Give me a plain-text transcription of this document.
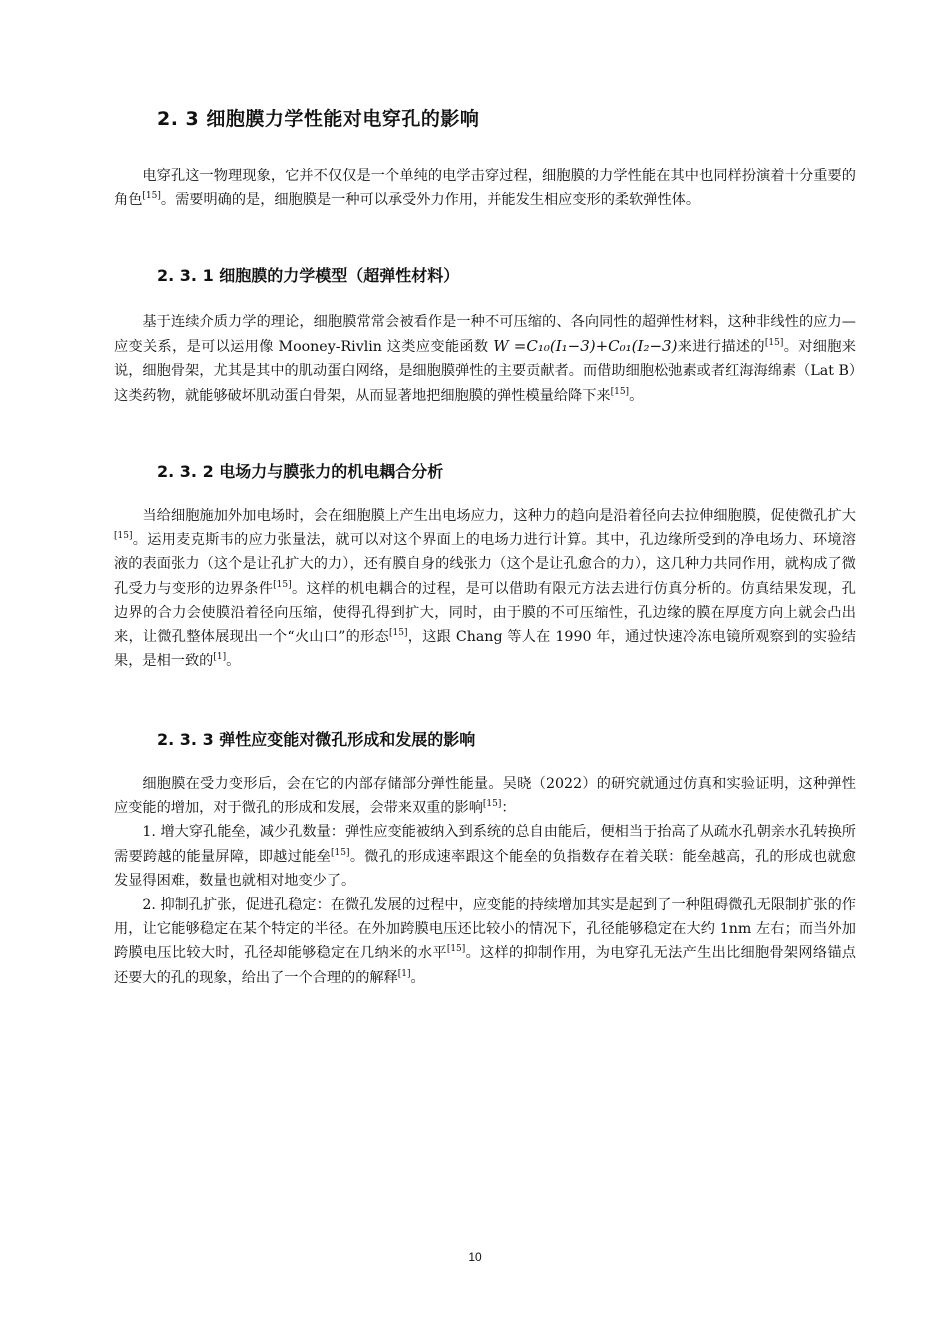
2. 3 细胞膜力学性能对电穿孔的影响

电穿孔这一物理现象，它并不仅仅是一个单纯的电学击穿过程，细胞膜的力学性能在其中也同样扮演着十分重要的角色[15]。需要明确的是，细胞膜是一种可以承受外力作用，并能发生相应变形的柔软弹性体。

2. 3. 1 细胞膜的力学模型（超弹性材料）

基于连续介质力学的理论，细胞膜常常会被看作是一种不可压缩的、各向同性的超弹性材料，这种非线性的应力—应变关系，是可以运用像 Mooney-Rivlin 这类应变能函数 W =C₁₀(I₁−3)+C₀₁(I₂−3)来进行描述的[15]。对细胞来说，细胞骨架，尤其是其中的肌动蛋白网络，是细胞膜弹性的主要贡献者。而借助细胞松弛素或者红海海绵素（Lat B）这类药物，就能够破坏肌动蛋白骨架，从而显著地把细胞膜的弹性模量给降下来[15]。

2. 3. 2 电场力与膜张力的机电耦合分析

当给细胞施加外加电场时，会在细胞膜上产生出电场应力，这种力的趋向是沿着径向去拉伸细胞膜，促使微孔扩大[15]。运用麦克斯韦的应力张量法，就可以对这个界面上的电场力进行计算。其中，孔边缘所受到的净电场力、环境溶液的表面张力（这个是让孔扩大的力），还有膜自身的线张力（这个是让孔愈合的力），这几种力共同作用，就构成了微孔受力与变形的边界条件[15]。这样的机电耦合的过程，是可以借助有限元方法去进行仿真分析的。仿真结果发现，孔边界的合力会使膜沿着径向压缩，使得孔得到扩大，同时，由于膜的不可压缩性，孔边缘的膜在厚度方向上就会凸出来，让微孔整体展现出一个“火山口”的形态[15]，这跟 Chang 等人在 1990 年，通过快速冷冻电镜所观察到的实验结果，是相一致的[1]。

2. 3. 3 弹性应变能对微孔形成和发展的影响

细胞膜在受力变形后，会在它的内部存储部分弹性能量。吴晓（2022）的研究就通过仿真和实验证明，这种弹性应变能的增加，对于微孔的形成和发展，会带来双重的影响[15]：

1. 增大穿孔能垒，减少孔数量：弹性应变能被纳入到系统的总自由能后，便相当于抬高了从疏水孔朝亲水孔转换所需要跨越的能量屏障，即越过能垒[15]。微孔的形成速率跟这个能垒的负指数存在着关联：能垒越高，孔的形成也就愈发显得困难，数量也就相对地变少了。

2. 抑制孔扩张，促进孔稳定：在微孔发展的过程中，应变能的持续增加其实是起到了一种阻碍微孔无限制扩张的作用，让它能够稳定在某个特定的半径。在外加跨膜电压还比较小的情况下，孔径能够稳定在大约 1nm 左右；而当外加跨膜电压比较大时，孔径却能够稳定在几纳米的水平[15]。这样的抑制作用，为电穿孔无法产生出比细胞骨架网络锚点还要大的孔的现象，给出了一个合理的的解释[1]。

10
